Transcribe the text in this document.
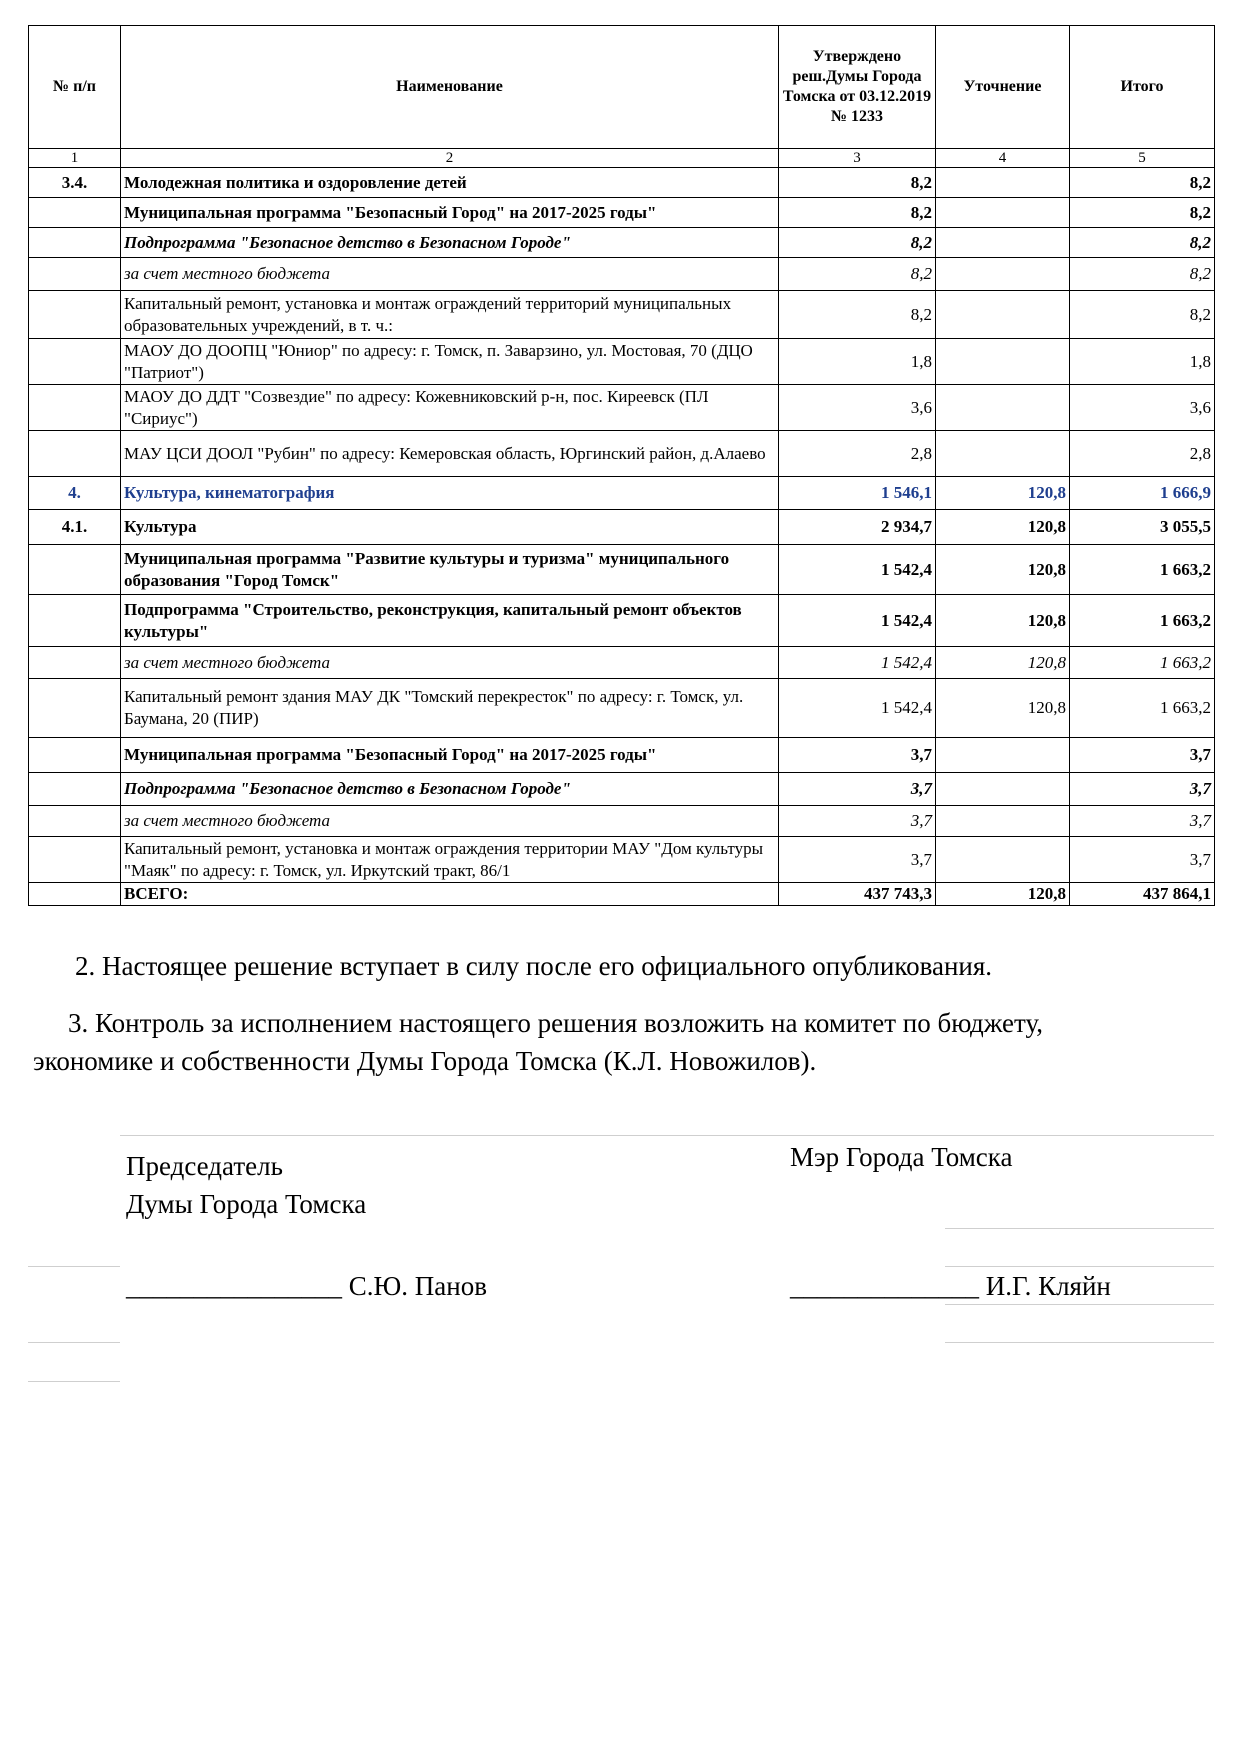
№ п/п	Наименование	Утверждено реш.Думы Города Томска от 03.12.2019 № 1233	Уточнение	Итого
1	2	3	4	5
3.4.	Молодежная политика и оздоровление детей	8,2		8,2
	Муниципальная программа "Безопасный Город" на 2017-2025 годы"	8,2		8,2
	Подпрограмма "Безопасное детство в Безопасном Городе"	8,2		8,2
	за счет местного бюджета	8,2		8,2
	Капитальный ремонт, установка и монтаж ограждений территорий муниципальных образовательных учреждений, в т. ч.:	8,2		8,2
	МАОУ ДО ДООПЦ "Юниор" по адресу: г. Томск, п. Заварзино, ул. Мостовая, 70 (ДЦО "Патриот")	1,8		1,8
	МАОУ ДО ДДТ "Созвездие" по адресу: Кожевниковский р-н, пос. Киреевск (ПЛ "Сириус")	3,6		3,6
	МАУ ЦСИ ДООЛ "Рубин" по адресу: Кемеровская область, Юргинский район, д.Алаево	2,8		2,8
4.	Культура, кинематография	1 546,1	120,8	1 666,9
4.1.	Культура	2 934,7	120,8	3 055,5
	Муниципальная программа "Развитие культуры и туризма" муниципального образования "Город Томск"	1 542,4	120,8	1 663,2
	Подпрограмма "Строительство, реконструкция, капитальный ремонт объектов культуры"	1 542,4	120,8	1 663,2
	за счет местного бюджета	1 542,4	120,8	1 663,2
	Капитальный ремонт здания МАУ ДК "Томский перекресток" по адресу: г. Томск, ул. Баумана, 20 (ПИР)	1 542,4	120,8	1 663,2
	Муниципальная программа "Безопасный Город" на 2017-2025 годы"	3,7		3,7
	Подпрограмма "Безопасное детство в Безопасном Городе"	3,7		3,7
	за счет местного бюджета	3,7		3,7
	Капитальный ремонт, установка и монтаж ограждения территории МАУ "Дом культуры "Маяк" по адресу: г. Томск, ул. Иркутский тракт, 86/1	3,7		3,7
	ВСЕГО:	437 743,3	120,8	437 864,1
2. Настоящее решение вступает в силу после его официального опубликования.
3. Контроль за исполнением настоящего решения возложить на комитет по бюджету,
экономике и собственности Думы Города Томска (К.Л. Новожилов).
Председатель
Думы Города Томска
________________ С.Ю. Панов
Мэр Города Томска
______________ И.Г. Кляйн
